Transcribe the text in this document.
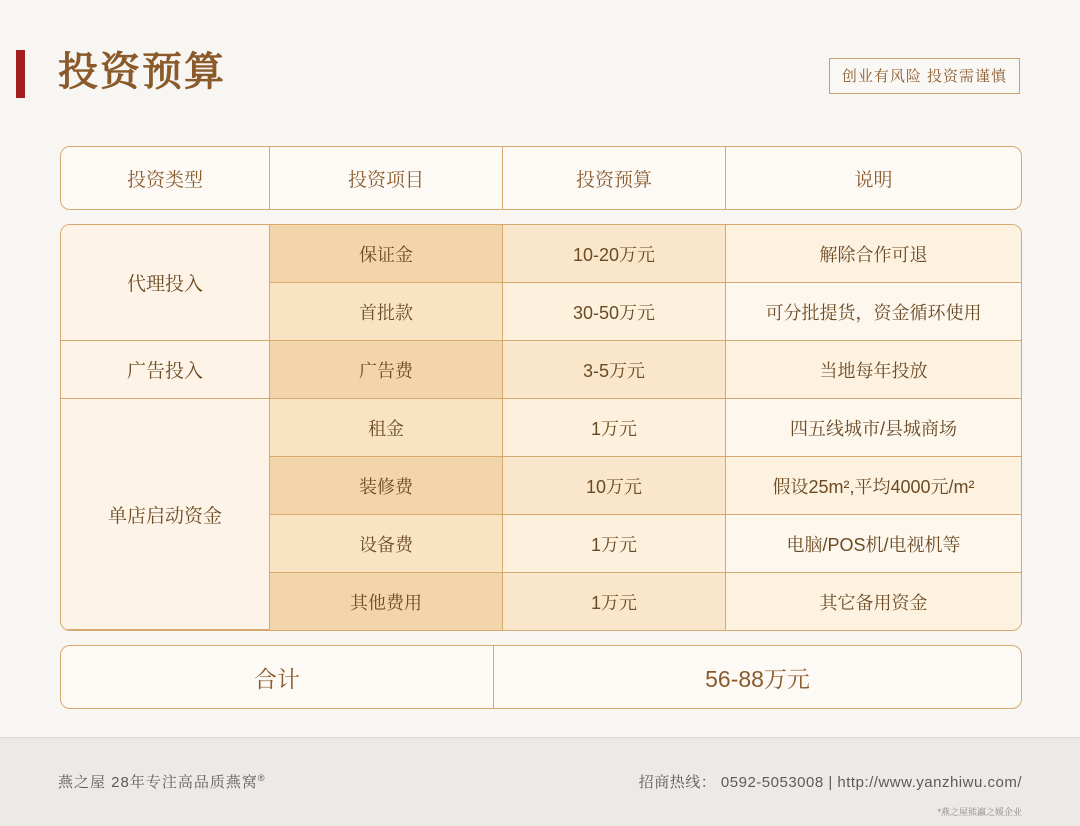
投资预算	创业有风险 投资需谨慎
投资类型	投资项目	投资预算	说明
代理投入	保证金	10-20万元	解除合作可退
	首批款	30-50万元	可分批提货，资金循环使用
广告投入	广告费	3-5万元	当地每年投放
单店启动资金	租金	1万元	四五线城市/县城商场
	装修费	10万元	假设25m²,平均4000元/m²
	设备费	1万元	电脑/POS机/电视机等
	其他费用	1万元	其它备用资金
合计	56-88万元
燕之屋 28年专注高品质燕窝®	招商热线： 0592-5053008 | http://www.yanzhiwu.com/
*燕之屋熊瀛之媛企业
